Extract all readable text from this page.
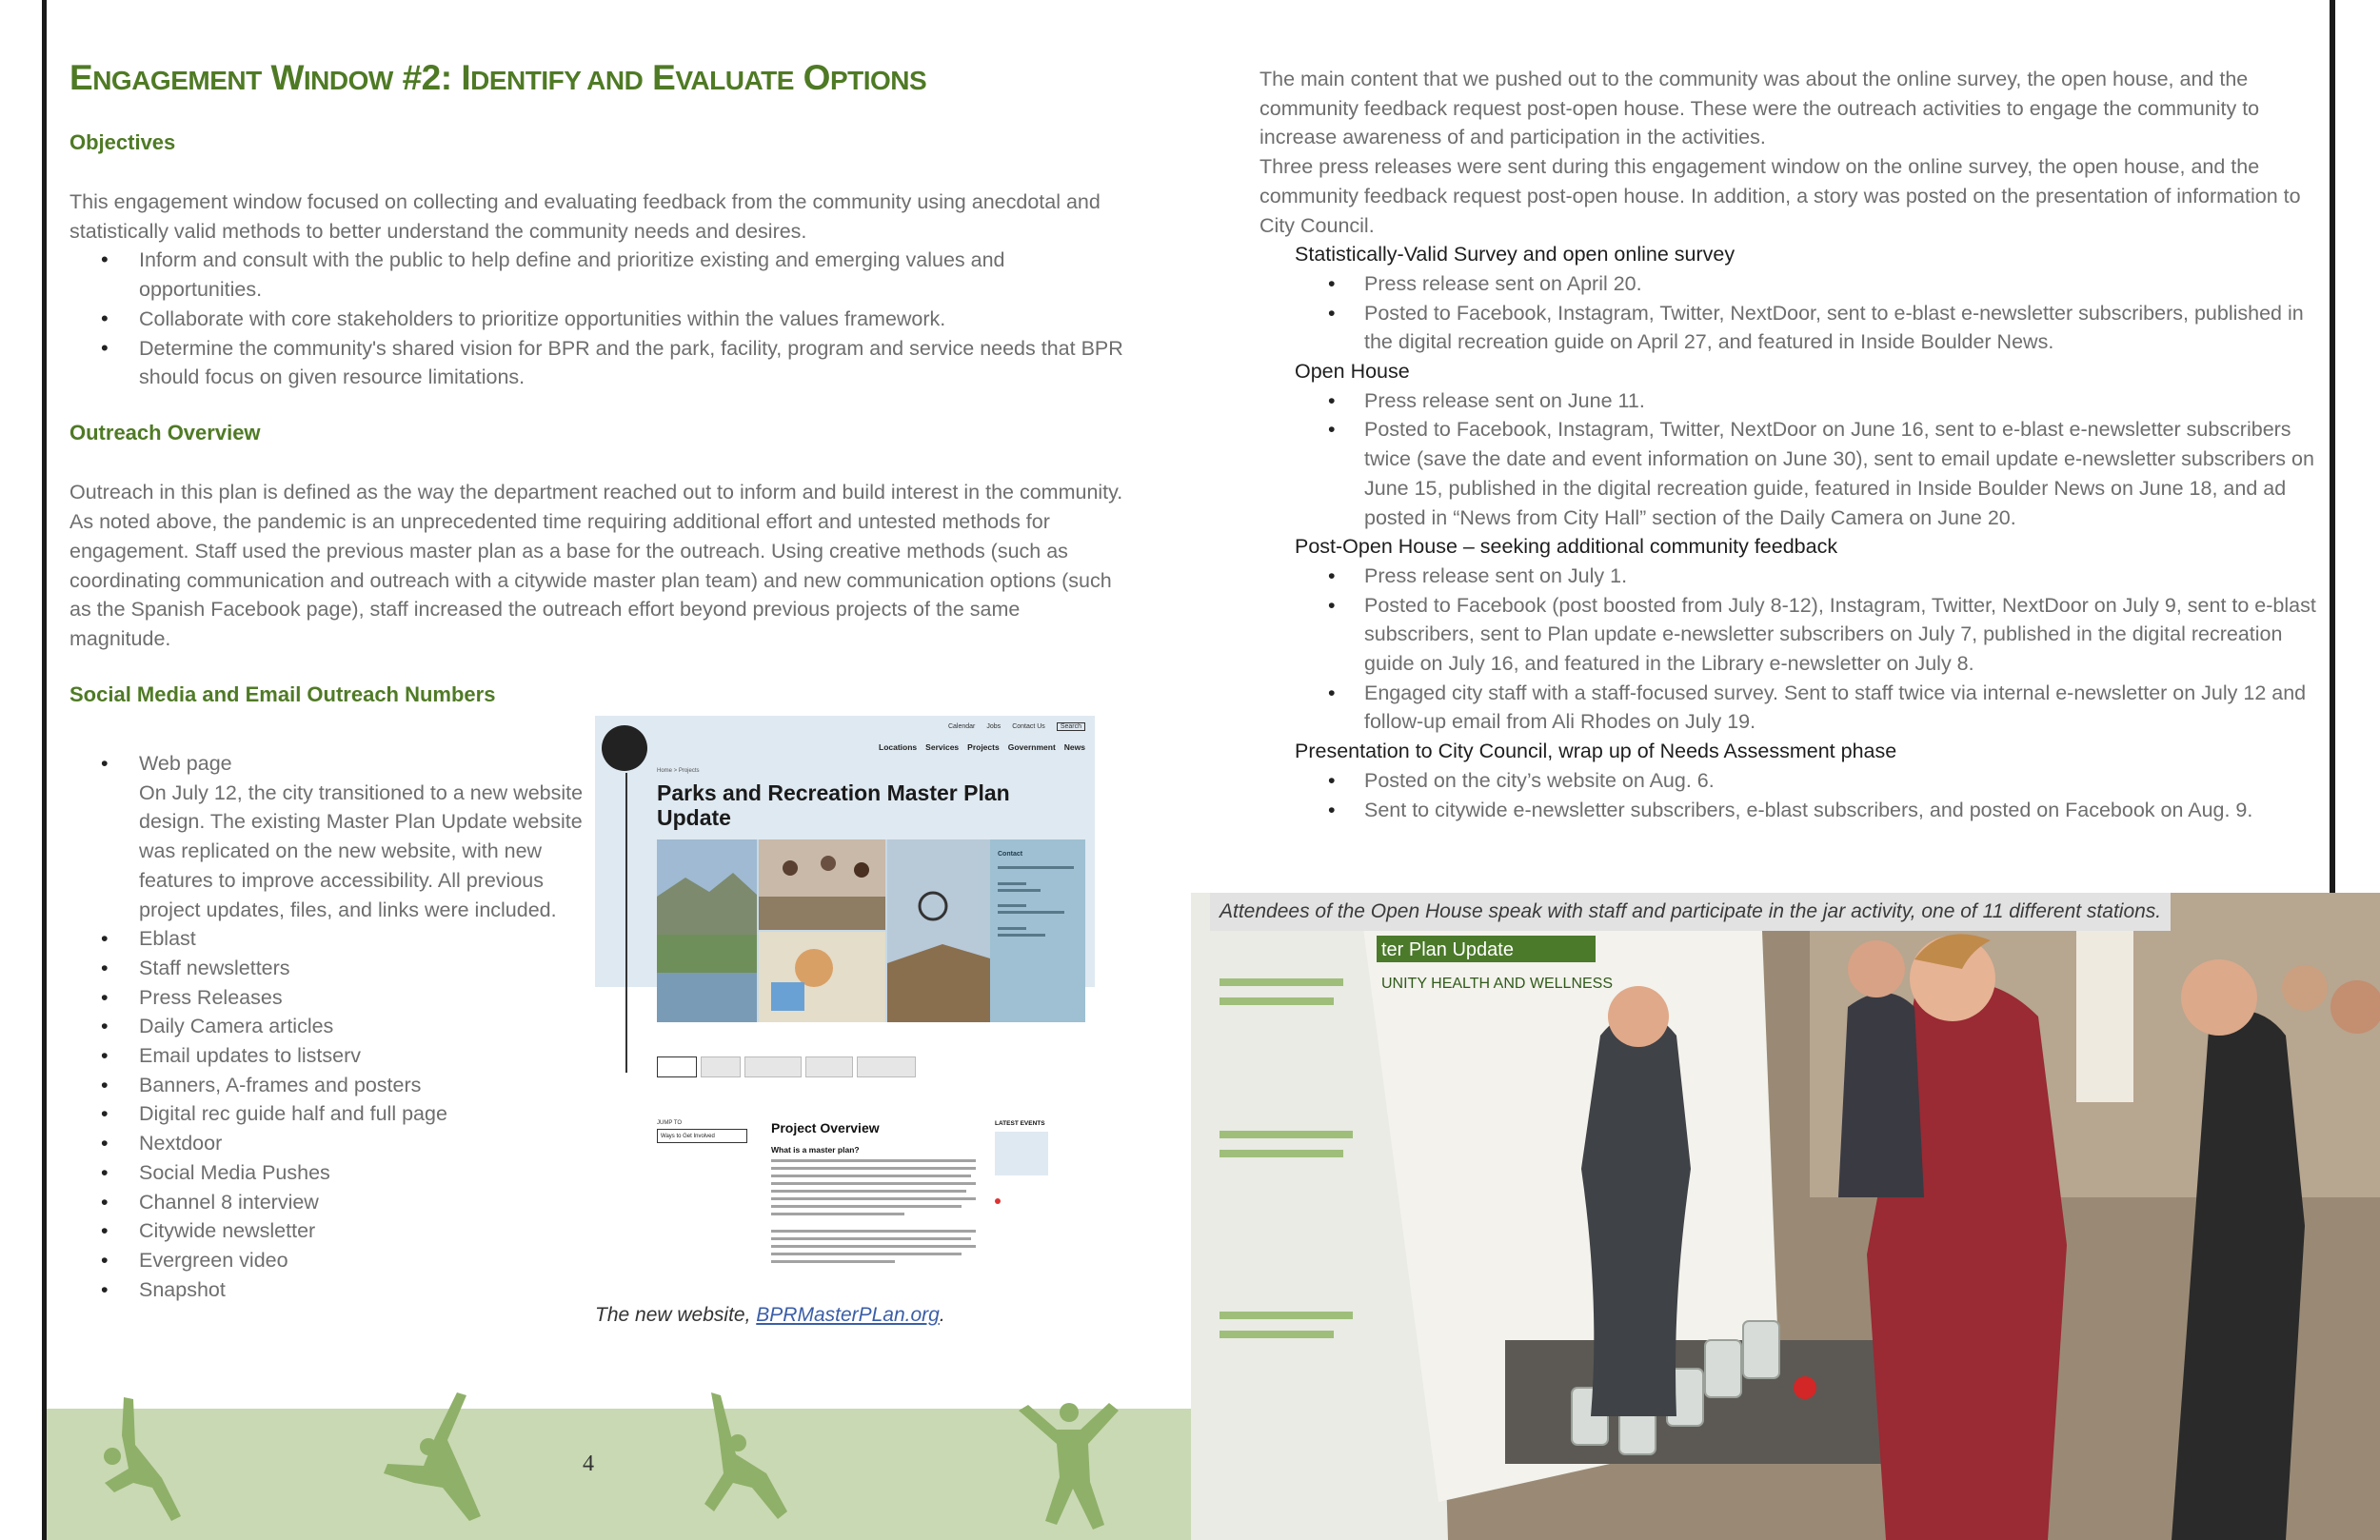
4
ENGAGEMENT WINDOW #2: IDENTIFY AND EVALUATE OPTIONS
Objectives

This engagement window focused on collecting and evaluating feedback from the community using anecdotal and statistically valid methods to better understand the community needs and desires.

• Inform and consult with the public to help define and prioritize existing and emerging values and opportunities.
• Collaborate with core stakeholders to prioritize opportunities within the values framework.
• Determine the community's shared vision for BPR and the park, facility, program and service needs that BPR should focus on given resource limitations.
Outreach Overview

Outreach in this plan is defined as the way the department reached out to inform and build interest in the community. As noted above, the pandemic is an unprecedented time requiring additional effort and untested methods for engagement. Staff used the previous master plan as a base for the outreach. Using creative methods (such as coordinating communication and outreach with a citywide master plan team) and new communication options (such as the Spanish Facebook page), staff increased the outreach effort beyond previous projects of the same magnitude.

Social Media and Email Outreach Numbers
• Web page
On July 12, the city transitioned to a new website design. The existing Master Plan Update website was replicated on the new website, with new features to improve accessibility. All previous project updates, files, and links were included.
• Eblast
• Staff newsletters
• Press Releases
• Daily Camera articles
• Email updates to listserv
• Banners, A-frames and posters
• Digital rec guide half and full page
• Nextdoor
• Social Media Pushes
• Channel 8 interview
• Citywide newsletter
• Evergreen video
• Snapshot
Calendar Jobs Contact Us Search
Locations Services Projects Government News
Home > Projects
Parks and Recreation Master Plan Update
Contact
JUMP TO
Ways to Get Involved
Project Overview
What is a master plan?
LATEST EVENTS
The new website, BPRMasterPLan.org.

The main content that we pushed out to the community was about the online survey, the open house, and the community feedback request post-open house. These were the outreach activities to engage the community to increase awareness of and participation in the activities.

Three press releases were sent during this engagement window on the online survey, the open house, and the community feedback request post-open house. In addition, a story was posted on the presentation of information to City Council.

Statistically-Valid Survey and open online survey
• Press release sent on April 20.
• Posted to Facebook, Instagram, Twitter, NextDoor, sent to e-blast e-newsletter subscribers, published in the digital recreation guide on April 27, and featured in Inside Boulder News.
Open House
• Press release sent on June 11.
• Posted to Facebook, Instagram, Twitter, NextDoor on June 16, sent to e-blast e-newsletter subscribers twice (save the date and event information on June 30), sent to email update e-newsletter subscribers on June 15, published in the digital recreation guide, featured in Inside Boulder News on June 18, and ad posted in “News from City Hall” section of the Daily Camera on June 20.
Post-Open House – seeking additional community feedback
• Press release sent on July 1.
• Posted to Facebook (post boosted from July 8-12), Instagram, Twitter, NextDoor on July 9, sent to e-blast subscribers, sent to Plan update e-newsletter subscribers on July 7, published in the digital recreation guide on July 16, and featured in the Library e-newsletter on July 8.
• Engaged city staff with a staff-focused survey. Sent to staff twice via internal e-newsletter on July 12 and follow-up email from Ali Rhodes on July 19.
Presentation to City Council, wrap up of Needs Assessment phase
• Posted on the city’s website on Aug. 6.
• Sent to citywide e-newsletter subscribers, e-blast subscribers, and posted on Facebook on Aug. 9.
ter Plan Update
UNITY HEALTH AND WELLNESS
Attendees of the Open House speak with staff and participate in the jar activity, one of 11 different stations.
